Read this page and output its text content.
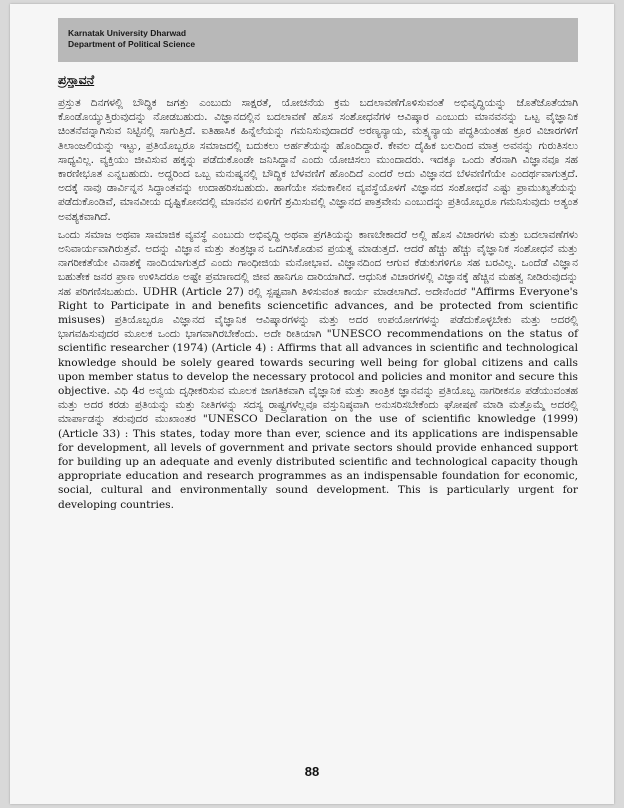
Karnatak University Dharwad
Department of Political Science
ಪ್ರಸ್ತಾವನೆ

ಪ್ರಸ್ತುತ ದಿನಗಳಲ್ಲಿ ಬೌದ್ಧಿಕ ಜಗತ್ತು ಎಂಬುದು ಸಾಕ್ಷರತೆ, ಯೋಚನೆಯ ಕ್ರಮ ಬದಲಾವಣೆಗೊಳಿಸುವಂತೆ ಅಭಿವೃದ್ಧಿಯನ್ನು ಜೊತೆಜೊತೆಯಾಗಿ ಕೊಂಡೊಯ್ಯುತ್ತಿರುವುದನ್ನು ನೋಡಬಹುದು. ವಿಜ್ಞಾನದಲ್ಲಿನ ಬದಲಾವಣೆ ಹೊಸ ಸಂಶೋಧನೆಗಳ ಆವಿಷ್ಕಾರ ಎಂಬುದು ಮಾನವನನ್ನು ಒಟ್ಟ ವೈಜ್ಞಾನಿಕ ಚಿಂತನೆವನ್ನಾಗಿಸುವ ನಿಟ್ಟಿನಲ್ಲಿ ಸಾಗುತ್ತಿದೆ. ಐತಿಹಾಸಿಕ ಹಿನ್ನೆಲೆಯನ್ನು ಗಮನಿಸುವುದಾದರೆ ಅರಣ್ಯನ್ಯಾಯ, ಮತ್ಸ್ಯನ್ಯಾಯ ಪದ್ಧತಿಯಂತಹ ಕ್ರೂರ ವಿಚಾರಗಳಿಗೆ ತಿಲಾಂಜಲಿಯನ್ನು ಇಟ್ಟು, ಪ್ರತಿಯೊಬ್ಬರೂ ಸಮಾಜದಲ್ಲಿ ಬದುಕಲು ಅರ್ಹತೆಯನ್ನು ಹೊಂದಿದ್ದಾರೆ. ಕೇವಲ ದೈಹಿಕ ಬಲದಿಂದ ಮಾತ್ರ ಅವನನ್ನು ಗುರುತಿಸಲು ಸಾಧ್ಯವಿಲ್ಲ. ವ್ಯಕ್ತಿಯು ಜೀವಿಸುವ ಹಕ್ಕನ್ನು ಪಡೆದುಕೊಂಡೇ ಜನಿಸಿದ್ದಾನೆ ಎಂದು ಯೋಚಿಸಲು ಮುಂದಾದರು. ಇದಕ್ಕೂ ಒಂದು ತೆರನಾಗಿ ವಿಜ್ಞಾನವೂ ಸಹ ಕಾರಣೀಭೂತ ಎನ್ನಬಹುದು. ಅದ್ದರಿಂದ ಒಬ್ಬ ಮನುಷ್ಯನಲ್ಲಿ ಬೌದ್ಧಿಕ ಬೆಳವಣಿಗೆ ಹೊಂದಿದೆ ಎಂದರೆ ಅದು ವಿಜ್ಞಾನದ ಬೆಳವಣಿಗೆಯೇ ಎಂದರ್ಥವಾಗುತ್ತದೆ. ಅದಕ್ಕೆ ನಾವು ಡಾರ್ವಿನ್ನನ ಸಿದ್ಧಾಂತವನ್ನು ಉದಾಹರಿಸಬಹುದು. ಹಾಗೆಯೇ ಸಮಕಾಲೀನ ವ್ಯವಸ್ಥೆಯೊಳಗೆ ವಿಜ್ಞಾನದ ಸಂಶೋಧನೆ ಎಷ್ಟು ಪ್ರಾಮುಖ್ಯತೆಯನ್ನು ಪಡೆದುಕೊಂಡಿವೆ, ಮಾನವೀಯ ದೃಷ್ಟಿಕೋನದಲ್ಲಿ ಮಾನವನ ಏಳಿಗೆಗೆ ಶ್ರಮಿಸುವಲ್ಲಿ ವಿಜ್ಞಾನದ ಪಾತ್ರವೇನು ಎಂಬುದನ್ನು ಪ್ರತಿಯೊಬ್ಬರೂ ಗಮನಿಸುವುದು ಅತ್ಯಂತ ಅವಶ್ಯಕವಾಗಿದೆ.

ಒಂದು ಸಮಾಜ ಅಥವಾ ಸಾಮಾಜಿಕ ವ್ಯವಸ್ಥೆ ಎಂಬುದು ಅಭಿವೃದ್ಧಿ ಅಥವಾ ಪ್ರಗತಿಯನ್ನು ಕಾಣಬೇಕಾದರೆ ಅಲ್ಲಿ ಹೊಸ ವಿಚಾರಗಳು ಮತ್ತು ಬದಲಾವಣೆಗಳು ಅನಿವಾರ್ಯವಾಗಿರುತ್ತವೆ. ಅದನ್ನು ವಿಜ್ಞಾನ ಮತ್ತು ತಂತ್ರಜ್ಞಾನ ಒದಗಿಸಿಕೊಡುವ ಪ್ರಯತ್ನ ಮಾಡುತ್ತದೆ. ಆದರೆ ಹೆಚ್ಚು ಹೆಚ್ಚು ವೈಜ್ಞಾನಿಕ ಸಂಶೋಧನೆ ಮತ್ತು ನಾಗರೀಕತೆಯೇ ವಿನಾಶಕ್ಕೆ ನಾಂದಿಯಾಗುತ್ತದೆ ಎಂದು ಗಾಂಧೀಜಿಯ ಮನೋಭಾವ. ವಿಜ್ಞಾನದಿಂದ ಆಗುವ ಕೆಡುಕುಗಳಿಗೂ ಸಹ ಬರವಿಲ್ಲ. ಒಂದೆಡೆ ವಿಜ್ಞಾನ ಬಹುತೇಕ ಜನರ ಪ್ರಾಣ ಉಳಿಸಿದರೂ ಅಷ್ಟೇ ಪ್ರಮಾಣದಲ್ಲಿ ಜೀವ ಹಾನಿಗೂ ದಾರಿಯಾಗಿದೆ. ಆಧುನಿಕ ವಿಚಾರಗಳಲ್ಲಿ ವಿಜ್ಞಾನಕ್ಕೆ ಹೆಚ್ಚಿನ ಮಹತ್ವ ನೀಡಿರುವುದನ್ನು ಸಹ ಪರಿಗಣಿಸಬಹುದು. UDHR (Article 27) ರಲ್ಲಿ ಸ್ಪಷ್ಟವಾಗಿ ತಿಳಿಸುವಂತ ಕಾರ್ಯ ಮಾಡಲಾಗಿದೆ. ಅದೇನೆಂದರೆ "Affirms Everyone's Right to Participate in and benefits sciencetific advances, and be protected from scientific misuses) ಪ್ರತಿಯೊಬ್ಬರೂ ವಿಜ್ಞಾನದ ವೈಜ್ಞಾನಿಕ ಆವಿಷ್ಕಾರಗಳನ್ನು ಮತ್ತು ಅದರ ಉಪಯೋಗಗಳನ್ನು ಪಡೆದುಕೊಳ್ಳಬೇಕು ಮತ್ತು ಅದರಲ್ಲಿ ಭಾಗವಹಿಸುವುದರ ಮೂಲಕ ಒಂದು ಭಾಗವಾಗಿರಬೇಕೆಂದು. ಅದೇ ರೀತಿಯಾಗಿ "UNESCO recommendations on the status of scientific researcher (1974) (Article 4) : Affirms that all advances in scientific and technological knowledge should be solely geared towards securing well being for global citizens and calls upon member status to develop the necessary protocol and policies and monitor and secure this objective. ವಿಧಿ 4ರ ಅನ್ವಯ ದೃಢೀಕರಿಸುವ ಮೂಲಕ ಜಾಗತಿಕವಾಗಿ ವೈಜ್ಞಾನಿಕ ಮತ್ತು ತಾಂತ್ರಿಕ ಜ್ಞಾನವನ್ನು ಪ್ರತಿಯೊಬ್ಬ ನಾಗರೀಕನೂ ಪಡೆಯುವಂತಹ ಮತ್ತು ಅದರ ಕರಡು ಪ್ರತಿಯನ್ನು ಮತ್ತು ನೀತಿಗಳನ್ನು ಸದಸ್ಯ ರಾಷ್ಟ್ರಗಳೆಲ್ಲವೂ ವಸ್ತುನಿಷ್ಠವಾಗಿ ಅನುಸರಿಸಬೇಕೆಂದು ಘೋಷಣೆ ಮಾಡಿ ಮತ್ತೊಮ್ಮೆ ಅದರಲ್ಲಿ ಮಾರ್ಪಾಡನ್ನು ತರುವುದರ ಮುಖಾಂತರ "UNESCO Declaration on the use of scientific knowledge (1999) (Article 33) : This states, today more than ever, science and its applications are indispensable for development, all levels of government and private sectors should provide enhanced support for building up an adequate and evenly distributed scientific and technological capacity though appropriate education and research programmes as an indispensable foundation for economic, social, cultural and environmentally sound development. This is particularly urgent for developing countries.

88
